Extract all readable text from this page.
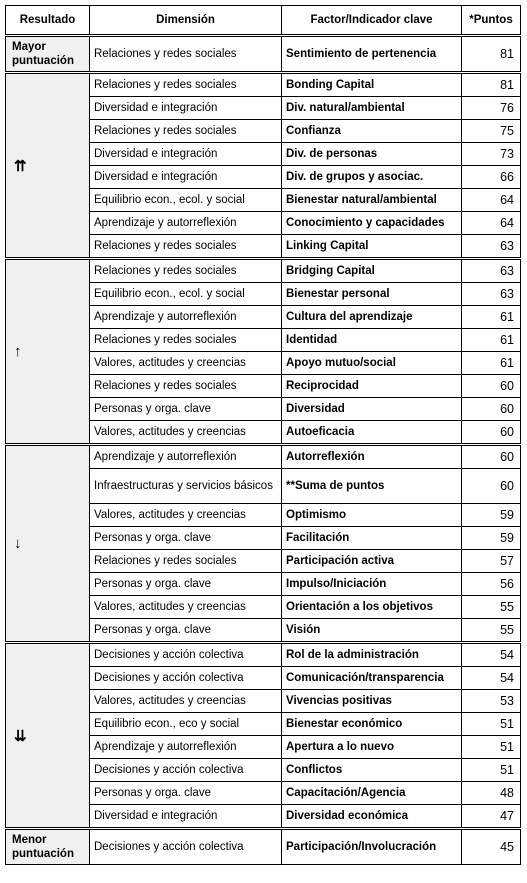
Resultado	Dimensión	Factor/Indicador clave	*Puntos
Mayor puntuación	Relaciones y redes sociales	Sentimiento de pertenencia	81
⇈	Relaciones y redes sociales	Bonding Capital	81
	Diversidad e integración	Div. natural/ambiental	76
	Relaciones y redes sociales	Confianza	75
	Diversidad e integración	Div. de personas	73
	Diversidad e integración	Div. de grupos y asociac.	66
	Equilibrio econ., ecol. y social	Bienestar natural/ambiental	64
	Aprendizaje y autorreflexión	Conocimiento y capacidades	64
	Relaciones y redes sociales	Linking Capital	63
↑	Relaciones y redes sociales	Bridging Capital	63
	Equilibrio econ., ecol. y social	Bienestar personal	63
	Aprendizaje y autorreflexión	Cultura del aprendizaje	61
	Relaciones y redes sociales	Identidad	61
	Valores, actitudes y creencias	Apoyo mutuo/social	61
	Relaciones y redes sociales	Reciprocidad	60
	Personas y orga. clave	Diversidad	60
	Valores, actitudes y creencias	Autoeficacia	60
↓	Aprendizaje y autorreflexión	Autorreflexión	60
	Infraestructuras y servicios básicos	**Suma de puntos	60
	Valores, actitudes y creencias	Optimismo	59
	Personas y orga. clave	Facilitación	59
	Relaciones y redes sociales	Participación activa	57
	Personas y orga. clave	Impulso/Iniciación	56
	Valores, actitudes y creencias	Orientación a los objetivos	55
	Personas y orga. clave	Visión	55
⇊	Decisiones y acción colectiva	Rol de la administración	54
	Decisiones y acción colectiva	Comunicación/transparencia	54
	Valores, actitudes y creencias	Vivencias positivas	53
	Equilibrio econ., eco y social	Bienestar económico	51
	Aprendizaje y autorreflexión	Apertura a lo nuevo	51
	Decisiones y acción colectiva	Conflictos	51
	Personas y orga. clave	Capacitación/Agencia	48
	Diversidad e integración	Diversidad económica	47
Menor puntuación	Decisiones y acción colectiva	Participación/Involucración	45
